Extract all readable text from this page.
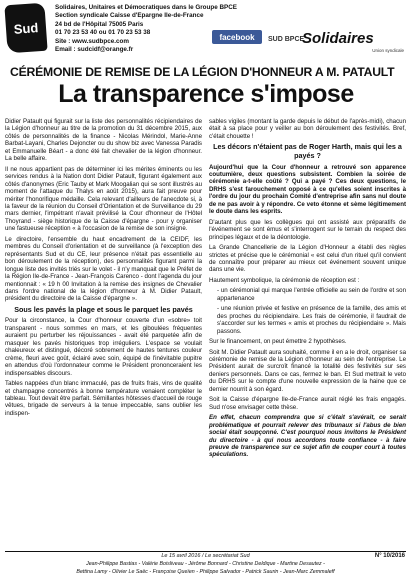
Sud
Solidaires, Unitaires et Démocratiques dans le Groupe BPCE
Section syndicale Caisse d'Epargne Ile-de-France
24 bd de l'Hôpital 75005 Paris
01 70 23 53 40 ou 01 70 23 53 38
Site : www.sudbpce.com
Email : sudcidf@orange.fr
facebook	SUD BPCE
Solidaires
Union syndicale
CÉRÉMONIE DE REMISE DE LA LÉGION D'HONNEUR A M. PATAULT
La transparence s'impose

Didier Patault qui figurait sur la liste des personnalités récipiendaires de la Légion d'honneur au titre de la promotion du 31 décembre 2015, aux côtés de personnalités de la finance - Nicolas Mérindol, Marie-Anne Barbat-Layani, Charles Dejoncter ou du show biz avec Vanessa Paradis et Emmanuelle Béart - a donc été fait chevalier de la légion d'honneur. La belle affaire.

Il ne nous appartient pas de déterminer ici les mérites éminents ou les services rendus à la Nation dont Didier Patault, figurant également aux côtés d'anonymes (Eric Tauby et Mark Moogalian qui se sont illustrés au moment de l'attaque du Thalys en août 2015), aura fait preuve pour mériter l'honorifique médaille. Cela relevant d'ailleurs de l'anecdote si, à la faveur de la réunion du Conseil d'Orientation et de Surveillance du 29 mars dernier, l'impétrant n'avait prévilisé la Cour d'honneur de l'Hôtel Thoyrand - siège historique de la Caisse d'épargne - pour y organiser une fastueuse réception « à l'occasion de la remise de son insigne.

Le directoire, l'ensemble du haut encadrement de la CEIDF, les membres du Conseil d'orientation et de surveillance (à l'exception des représentants Sud et du CE, leur présence n'était pas essentielle au bon déroulement de la réception), des personnalités figurant parmi la longue liste des invités triés sur le volet - il n'y manquait que le Préfet de la Région Ile-de-France - Jean-François Carenco - dont l'agenda du jour mentionnait : « 19 h 00 Invitation à la remise des insignes de Chevalier dans l'ordre national de la légion d'honneur à M. Didier Patault, président du directoire de la Caisse d'épargne ».

Sous les pavés la plage et sous le parquet les pavés

Pour la circonstance, la Cour d'honneur couverte d'un «sobre» toit transparent - nous sommes en mars, et les giboulées fréquentes auraient pu perturber les réjouissances - avait été parquetée afin de masquer les pavés historiques trop irréguliers. L'espace se voulait chaleureux et distingué, décoré sobrement de hautes tentures couleur crème, fleuri avec goût, éclairé avec soin, équipé de l'inévitable pupitre en attendus d'où l'ordonnateur comme le Président prononceraient les indispensables discours.

Tables nappées d'un blanc immaculé, pas de fruits frais, vins de qualité et champagne concentrés à bonne température venaient compléter le tableau. Tout devait être parfait. Sémillantes hôtesses d'accueil de rouge vêtues, brigade de serveurs à la tenue impeccable, sans oublier les indispen-

sables vigiles (montant la garde depuis le début de l'après-midi), chacun était à sa place pour y veiller au bon déroulement des festivités. Bref, c'était chouette !

Les décors n'étaient pas de Roger Harth, mais qui les a payés ?

Aujourd'hui que la Cour d'honneur a retrouvé son apparence coutumière, deux questions subsistent. Combien la soirée de cérémonie a-t-elle coûté ? Qui a payé ? Ces deux questions, le DRHS s'est farouchement opposé à ce qu'elles soient inscrites à l'ordre du jour du prochain Comité d'entreprise afin sans nul doute de ne pas avoir à y répondre. Ce veto étonne et sème légitimement le doute dans les esprits.

D'autant plus que les collègues qui ont assisté aux préparatifs de l'événement se sont émus et s'interrogent sur le terrain du respect des principes légaux et de la déontologie.

La Grande Chancellerie de la Légion d'Honneur a établi des règles strictes et précise que le cérémonial « est celui d'un rituel qu'il convient de connaître pour préparer au mieux cet événement souvent unique dans une vie.

Hautement symbolique, la cérémonie de réception est :

- un cérémonial qui marque l'entrée officielle au sein de l'ordre et son appartenance

- une réunion privée et festive en présence de la famille, des amis et des proches du récipiendaire. Les frais de cérémonie, il faudrait de s'accorder sur les termes « amis et proches du récipiendaire ». Mais passons.

Sur le financement, on peut émettre 2 hypothèses.

Soit M. Didier Patault aura souhaité, comme il en a le droit, organiser sa cérémonie de remise de la Légion d'honneur au sein de l'entreprise. Le Président aurait de surcroît financé la totalité des festivités sur ses deniers personnels. Dans ce cas, fermez le ban. Et Sud mettrait le veto du DRHS sur le compte d'une nouvelle expression de la haine que ce dernier nourrit à son égard.

Soit la Caisse d'épargne Ile-de-France aurait réglé les frais engagés. Sud n'ose envisager cette thèse.

En effet, chacun comprendra que si c'était s'avérait, ce serait problématique et pourrait relever des tribunaux si l'abus de bien social était soupçonné. C'est pourquoi nous invitons le Président du directoire - à qui nous accordons toute confiance - à faire preuve de transparence sur ce sujet afin de couper court à toutes spéculations.

Le 15 avril 2016 / Le secrétariat Sud	N° 10/2016
Jean-Philippe Bastias - Valérie Boisliveau - Jérôme Bonnard - Christine Deldique - Martine Desautez -
Bettina Lamy - Olivier Le Saëc - Françoise Queïen - Philippe Salvador - Patrick Saurin - Jean-Marc Zemmaleff
